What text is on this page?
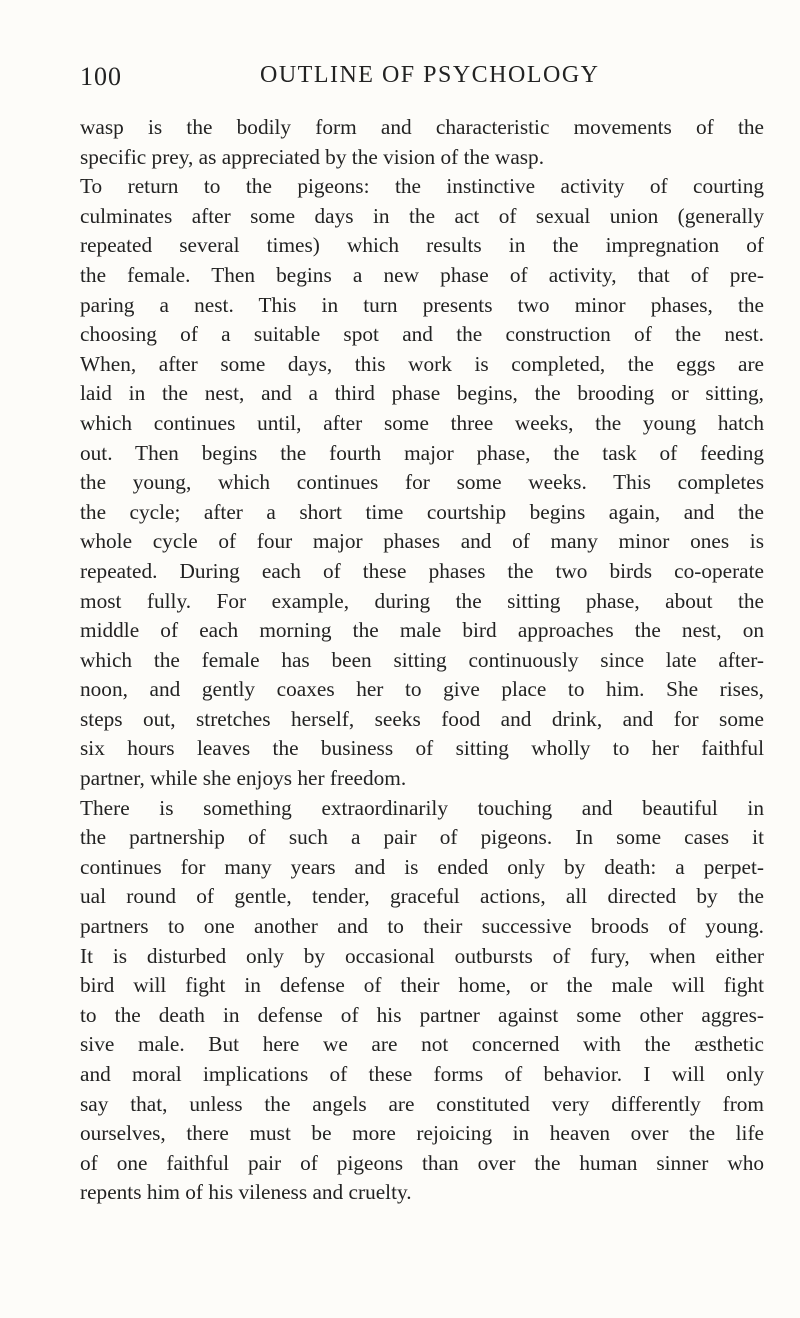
100	OUTLINE OF PSYCHOLOGY
wasp is the bodily form and characteristic movements of the
specific prey, as appreciated by the vision of the wasp.
To return to the pigeons: the instinctive activity of courting
culminates after some days in the act of sexual union (generally
repeated several times) which results in the impregnation of
the female. Then begins a new phase of activity, that of pre-
paring a nest. This in turn presents two minor phases, the
choosing of a suitable spot and the construction of the nest.
When, after some days, this work is completed, the eggs are
laid in the nest, and a third phase begins, the brooding or sitting,
which continues until, after some three weeks, the young hatch
out. Then begins the fourth major phase, the task of feeding
the young, which continues for some weeks. This completes
the cycle; after a short time courtship begins again, and the
whole cycle of four major phases and of many minor ones is
repeated. During each of these phases the two birds co-operate
most fully. For example, during the sitting phase, about the
middle of each morning the male bird approaches the nest, on
which the female has been sitting continuously since late after-
noon, and gently coaxes her to give place to him. She rises,
steps out, stretches herself, seeks food and drink, and for some
six hours leaves the business of sitting wholly to her faithful
partner, while she enjoys her freedom.
There is something extraordinarily touching and beautiful in
the partnership of such a pair of pigeons. In some cases it
continues for many years and is ended only by death: a perpet-
ual round of gentle, tender, graceful actions, all directed by the
partners to one another and to their successive broods of young.
It is disturbed only by occasional outbursts of fury, when either
bird will fight in defense of their home, or the male will fight
to the death in defense of his partner against some other aggres-
sive male. But here we are not concerned with the æsthetic
and moral implications of these forms of behavior. I will only
say that, unless the angels are constituted very differently from
ourselves, there must be more rejoicing in heaven over the life
of one faithful pair of pigeons than over the human sinner who
repents him of his vileness and cruelty.
